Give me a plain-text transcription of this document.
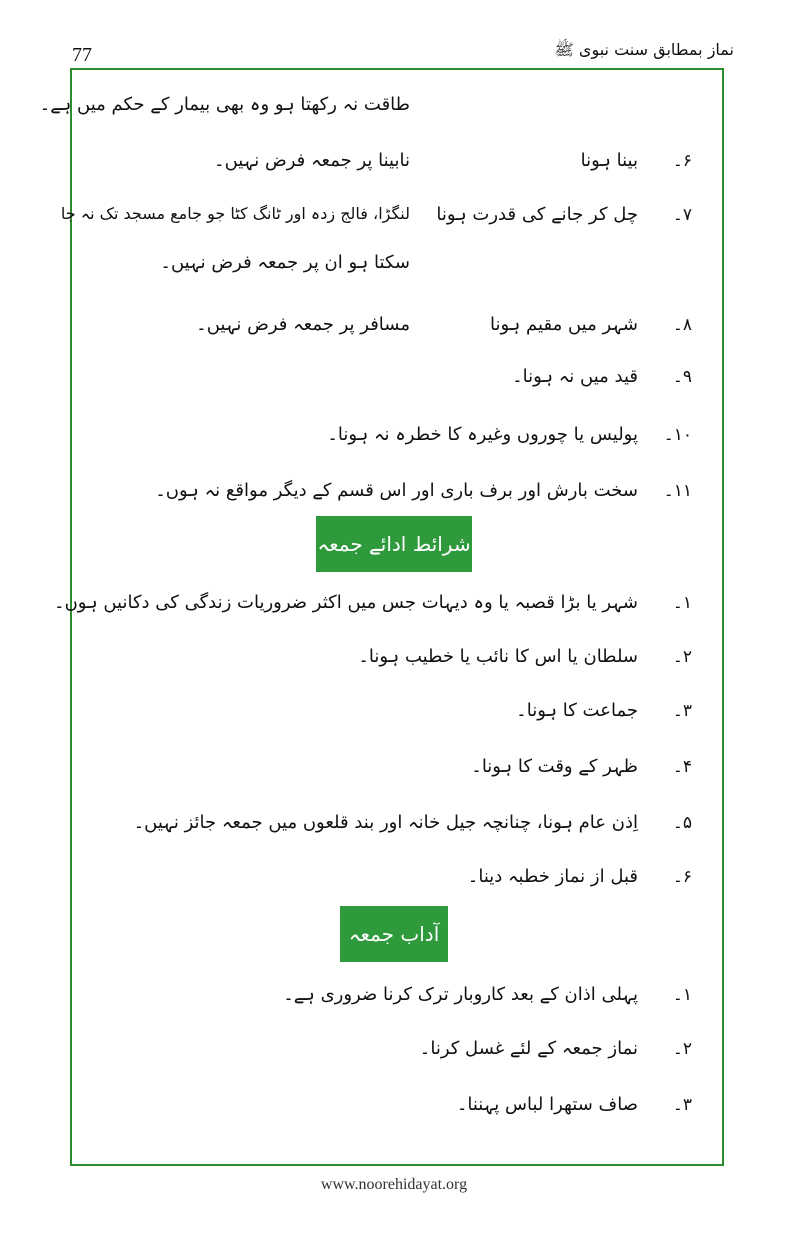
77	نماز بمطابق سنت نبوی ﷺ
طاقت نہ رکھتا ہو وہ بھی بیمار کے حکم میں ہے۔
۶۔
بینا ہونا
نابینا پر جمعہ فرض نہیں۔
۷۔
چل کر جانے کی قدرت ہونا
لنگڑا، فالج زدہ اور ٹانگ کٹا جو جامع مسجد تک نہ جا
سکتا ہو ان پر جمعہ فرض نہیں۔
۸۔
شہر میں مقیم ہونا
مسافر پر جمعہ فرض نہیں۔
۹۔
قید میں نہ ہونا۔
۱۰۔
پولیس یا چوروں وغیرہ کا خطرہ نہ ہونا۔
۱۱۔
سخت بارش اور برف باری اور اس قسم کے دیگر مواقع نہ ہوں۔
شرائط ادائے جمعہ
۱۔
شہر یا بڑا قصبہ یا وہ دیہات جس میں اکثر ضروریات زندگی کی دکانیں ہوں۔
۲۔
سلطان یا اس کا نائب یا خطیب ہونا۔
۳۔
جماعت کا ہونا۔
۴۔
ظہر کے وقت کا ہونا۔
۵۔
اِذن عام ہونا، چنانچہ جیل خانہ اور بند قلعوں میں جمعہ جائز نہیں۔
۶۔
قبل از نماز خطبہ دینا۔
آداب جمعہ
۱۔
پہلی اذان کے بعد کاروبار ترک کرنا ضروری ہے۔
۲۔
نماز جمعہ کے لئے غسل کرنا۔
۳۔
صاف ستھرا لباس پہننا۔
www.noorehidayat.org
